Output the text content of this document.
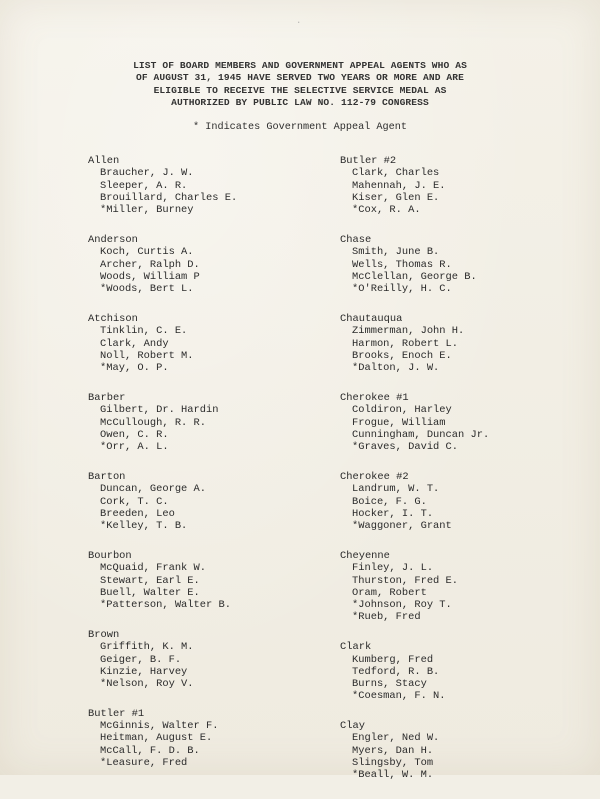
·
LIST OF BOARD MEMBERS AND GOVERNMENT APPEAL AGENTS WHO AS
OF AUGUST 31, 1945 HAVE SERVED TWO YEARS OR MORE AND ARE
ELIGIBLE TO RECEIVE THE SELECTIVE SERVICE MEDAL AS
AUTHORIZED BY PUBLIC LAW NO. 112-79 CONGRESS
* Indicates Government Appeal Agent
Allen
Braucher, J. W.
Sleeper, A. R.
Brouillard, Charles E.
*Miller, Burney
Anderson
Koch, Curtis A.
Archer, Ralph D.
Woods, William P
*Woods, Bert L.
Atchison
Tinklin, C. E.
Clark, Andy
Noll, Robert M.
*May, O. P.
Barber
Gilbert, Dr. Hardin
McCullough, R. R.
Owen, C. R.
*Orr, A. L.
Barton
Duncan, George A.
Cork, T. C.
Breeden, Leo
*Kelley, T. B.
Bourbon
McQuaid, Frank W.
Stewart, Earl E.
Buell, Walter E.
*Patterson, Walter B.
Brown
Griffith, K. M.
Geiger, B. F.
Kinzie, Harvey
*Nelson, Roy V.
Butler #1
McGinnis, Walter F.
Heitman, August E.
McCall, F. D. B.
*Leasure, Fred
Butler #2
Clark, Charles
Mahennah, J. E.
Kiser, Glen E.
*Cox, R. A.
Chase
Smith, June B.
Wells, Thomas R.
McClellan, George B.
*O'Reilly, H. C.
Chautauqua
Zimmerman, John H.
Harmon, Robert L.
Brooks, Enoch E.
*Dalton, J. W.
Cherokee #1
Coldiron, Harley
Frogue, William
Cunningham, Duncan Jr.
*Graves, David C.
Cherokee #2
Landrum, W. T.
Boice, F. G.
Hocker, I. T.
*Waggoner, Grant
Cheyenne
Finley, J. L.
Thurston, Fred E.
Oram, Robert
*Johnson, Roy T.
*Rueb, Fred
Clark
Kumberg, Fred
Tedford, R. B.
Burns, Stacy
*Coesman, F. N.
Clay
Engler, Ned W.
Myers, Dan H.
Slingsby, Tom
*Beall, W. M.
